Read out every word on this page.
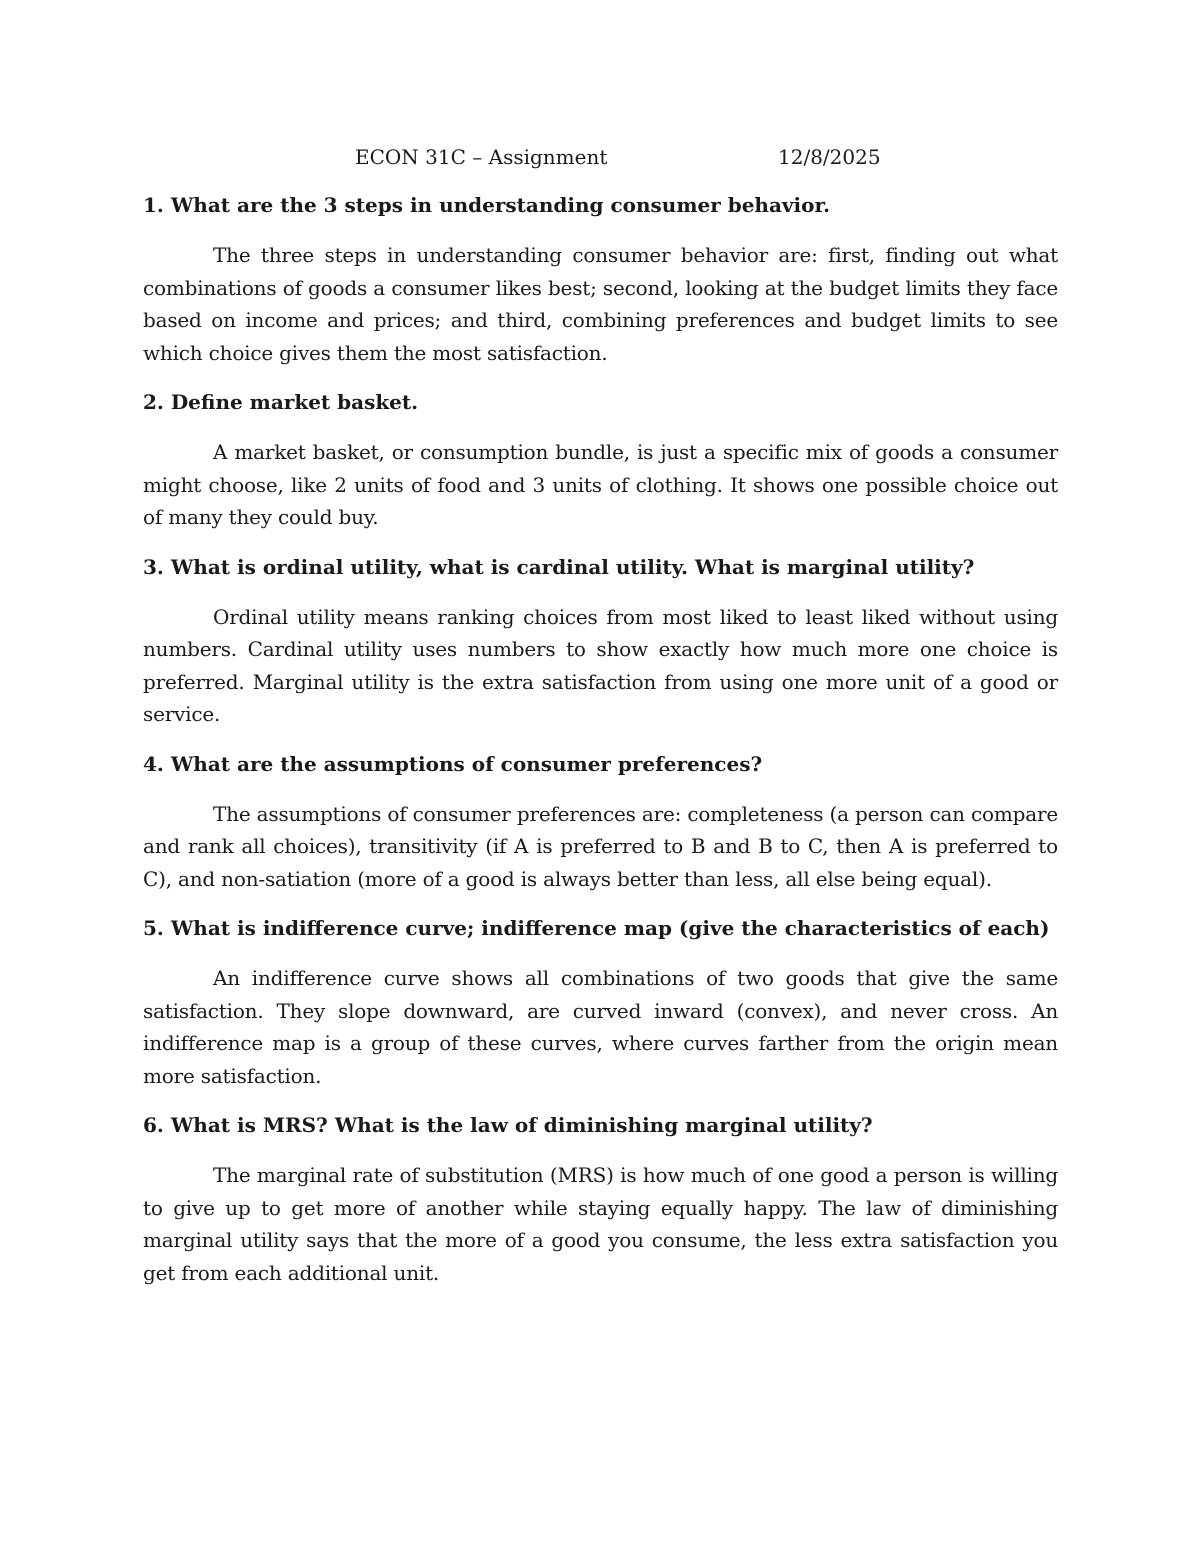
ECON 31C – Assignment	12/8/2025

1. What are the 3 steps in understanding consumer behavior.

The three steps in understanding consumer behavior are: first, finding out what combinations of goods a consumer likes best; second, looking at the budget limits they face based on income and prices; and third, combining preferences and budget limits to see which choice gives them the most satisfaction.

2. Define market basket.

A market basket, or consumption bundle, is just a specific mix of goods a consumer might choose, like 2 units of food and 3 units of clothing. It shows one possible choice out of many they could buy.

3. What is ordinal utility, what is cardinal utility. What is marginal utility?

Ordinal utility means ranking choices from most liked to least liked without using numbers. Cardinal utility uses numbers to show exactly how much more one choice is preferred. Marginal utility is the extra satisfaction from using one more unit of a good or service.

4. What are the assumptions of consumer preferences?

The assumptions of consumer preferences are: completeness (a person can compare and rank all choices), transitivity (if A is preferred to B and B to C, then A is preferred to C), and non-satiation (more of a good is always better than less, all else being equal).

5. What is indifference curve; indifference map (give the characteristics of each)

An indifference curve shows all combinations of two goods that give the same satisfaction. They slope downward, are curved inward (convex), and never cross. An indifference map is a group of these curves, where curves farther from the origin mean more satisfaction.

6. What is MRS? What is the law of diminishing marginal utility?

The marginal rate of substitution (MRS) is how much of one good a person is willing to give up to get more of another while staying equally happy. The law of diminishing marginal utility says that the more of a good you consume, the less extra satisfaction you get from each additional unit.
